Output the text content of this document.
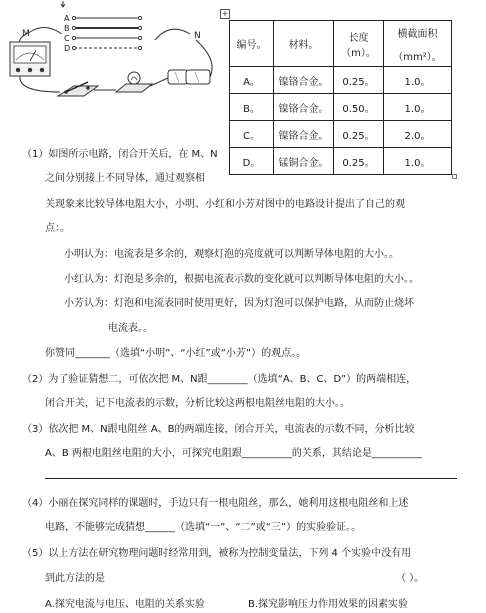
M	N
A
B
C
D
+
编号。	材料。	长度（m）。	横截面积
（mm²）。

A。	镍铬合金。	0.25。	1.0。
B。	镍铬合金。	0.50。	1.0。
C。	镍铬合金。	0.25。	2.0。
D。	锰铜合金。	0.25。	1.0。
（1）如图所示电路，闭合开关后，在 M、N
之间分别接上不同导体，通过观察相
关现象来比较导体电阻大小，小明、小红和小芳对图中的电路设计提出了自己的观
点：。
小明认为：电流表是多余的，观察灯泡的亮度就可以判断导体电阻的大小。。
小红认为：灯泡是多余的，根据电流表示数的变化就可以判断导体电阻的大小。。
小芳认为：灯泡和电流表同时使用更好，因为灯泡可以保护电路，从而防止烧坏
电流表。。
你赞同_______（选填“小明”、“小红”或“小芳”）的观点。。
（2）为了验证猜想二，可依次把 M、N跟________（选填“A、B、C、D”）的两端相连，
闭合开关，记下电流表的示数，分析比较这两根电阻丝电阻的大小。。
（3）依次把 M、N跟电阻丝 A、B的两端连接，闭合开关，电流表的示数不同，分析比较
A、B 两根电阻丝电阻的大小，可探究电阻跟__________的关系，其结论是__________
（4）小丽在探究同样的课题时，手边只有一根电阻丝，那么，她利用这根电阻丝和上述
电路，不能够完成猜想______（选填“一”、“二”或“三”）的实验验证。。
（5）以上方法在研究物理问题时经常用到，被称为控制变量法，下列 4 个实验中没有用
到此方法的是	（ ）。
A.探究电流与电压、电阻的关系实验	B.探究影响压力作用效果的因素实验
